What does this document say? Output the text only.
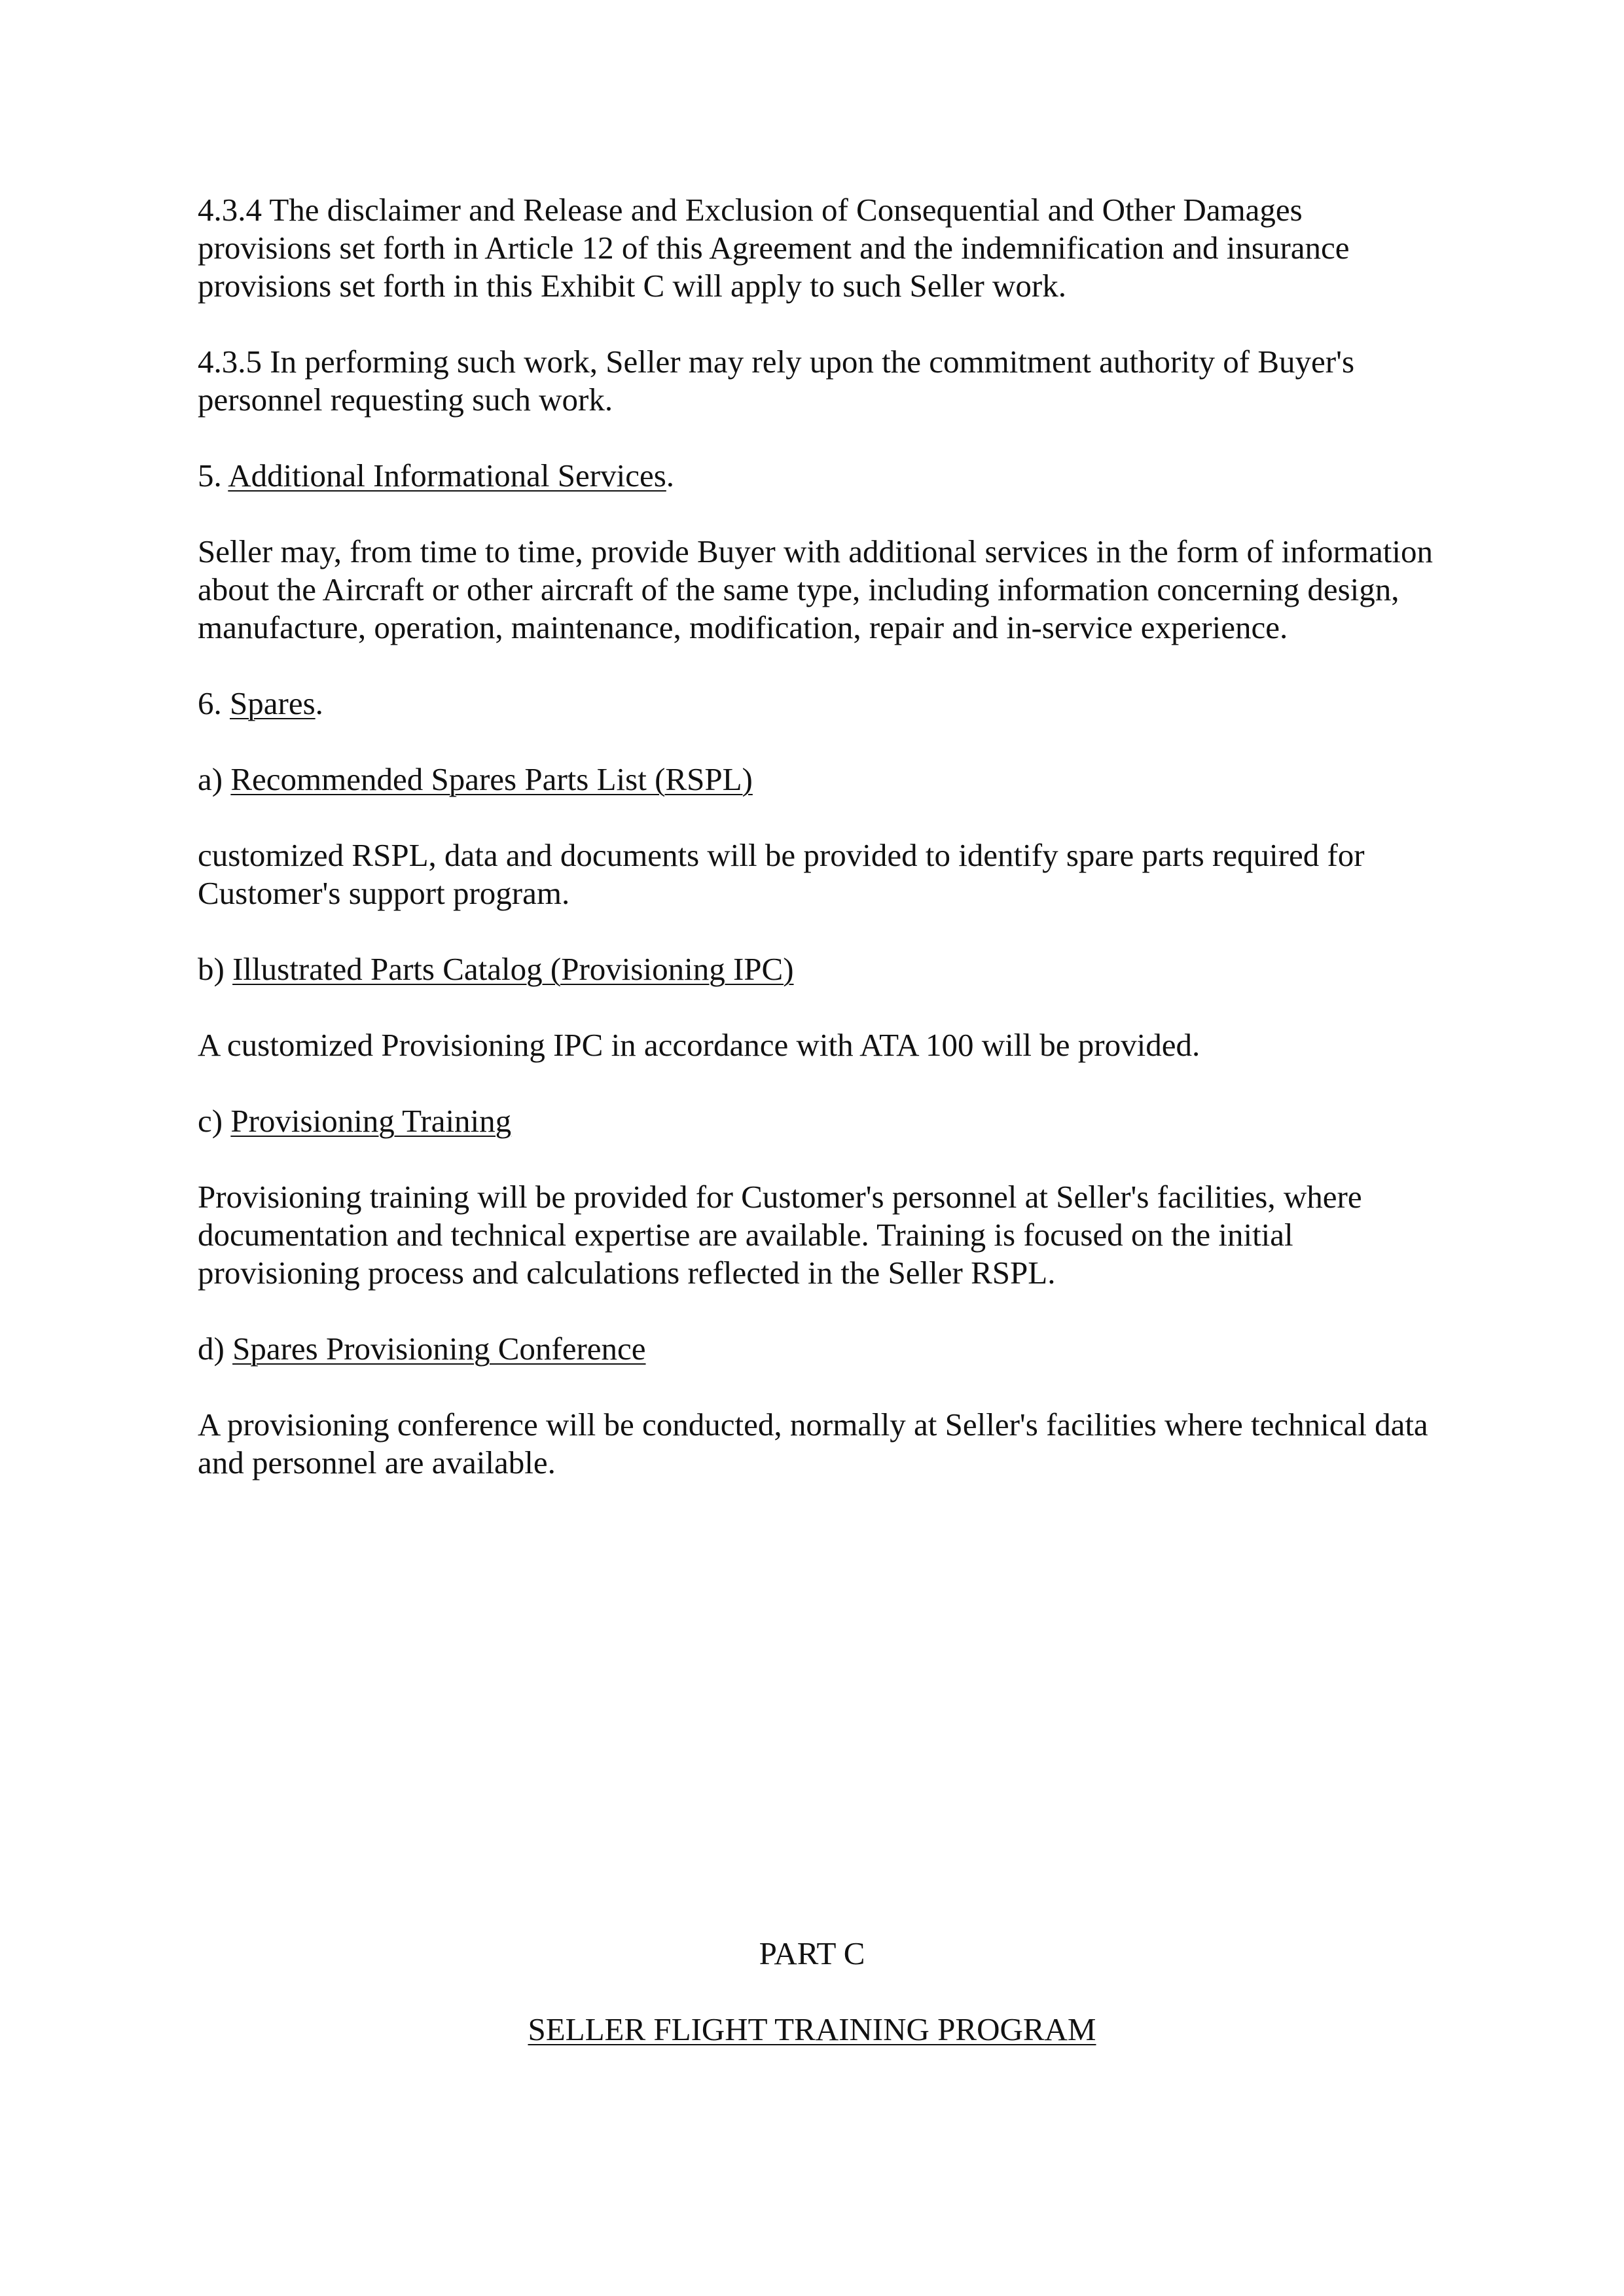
4.3.4 The disclaimer and Release and Exclusion of Consequential and Other Damages provisions set forth in Article 12 of this Agreement and the indemnification and insurance provisions set forth in this Exhibit C will apply to such Seller work.

4.3.5 In performing such work, Seller may rely upon the commitment authority of Buyer's personnel requesting such work.

5. Additional Informational Services.

Seller may, from time to time, provide Buyer with additional services in the form of information about the Aircraft or other aircraft of the same type, including information concerning design, manufacture, operation, maintenance, modification, repair and in-service experience.

6. Spares.

a) Recommended Spares Parts List (RSPL)

customized RSPL, data and documents will be provided to identify spare parts required for Customer's support program.

b) Illustrated Parts Catalog (Provisioning IPC)

A customized Provisioning IPC in accordance with ATA 100 will be provided.

c) Provisioning Training

Provisioning training will be provided for Customer's personnel at Seller's facilities, where documentation and technical expertise are available. Training is focused on the initial provisioning process and calculations reflected in the Seller RSPL.

d) Spares Provisioning Conference

A provisioning conference will be conducted, normally at Seller's facilities where technical data and personnel are available.

PART C
SELLER FLIGHT TRAINING PROGRAM
